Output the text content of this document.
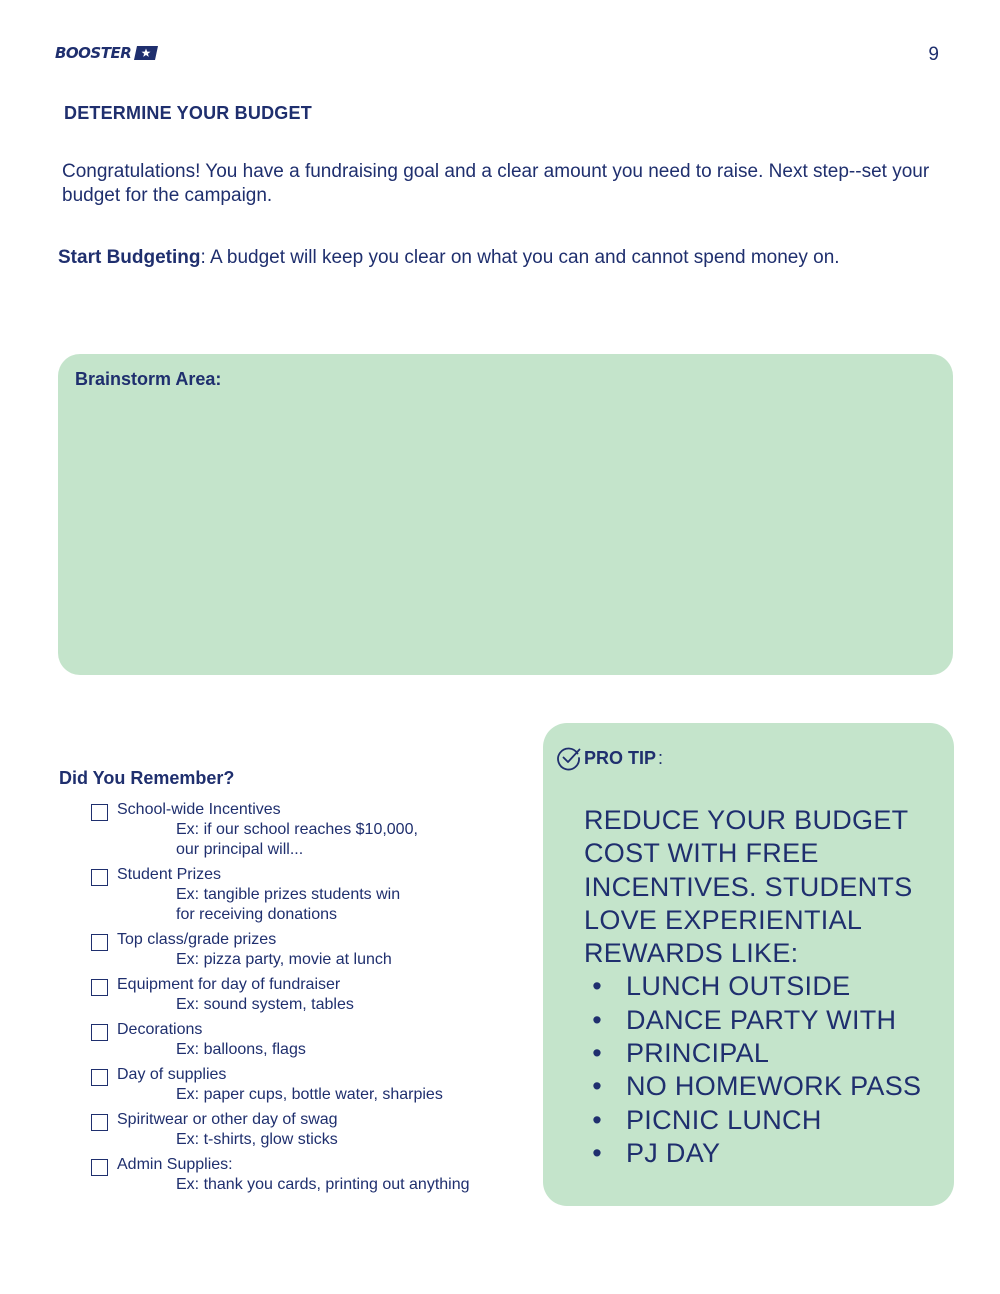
BOOSTER	9
DETERMINE YOUR BUDGET

Congratulations! You have a fundraising goal and a clear amount you need to raise. Next step--set your budget for the campaign.

Start Budgeting: A budget will keep you clear on what you can and cannot spend money on.

Brainstorm Area:
Did You Remember?
School-wide Incentives
Ex: if our school reaches $10,000,
our principal will...
Student Prizes
Ex: tangible prizes students win
for receiving donations
Top class/grade prizes
Ex: pizza party, movie at lunch
Equipment for day of fundraiser
Ex: sound system, tables
Decorations
Ex: balloons, flags
Day of supplies
Ex: paper cups, bottle water, sharpies
Spiritwear or other day of swag
Ex: t-shirts, glow sticks
Admin Supplies:
Ex: thank you cards, printing out anything
PRO TIP :
REDUCE YOUR BUDGET
COST WITH FREE
INCENTIVES. STUDENTS
LOVE EXPERIENTIAL
REWARDS LIKE:
• LUNCH OUTSIDE
• DANCE PARTY WITH
• PRINCIPAL
• NO HOMEWORK PASS
• PICNIC LUNCH
• PJ DAY
